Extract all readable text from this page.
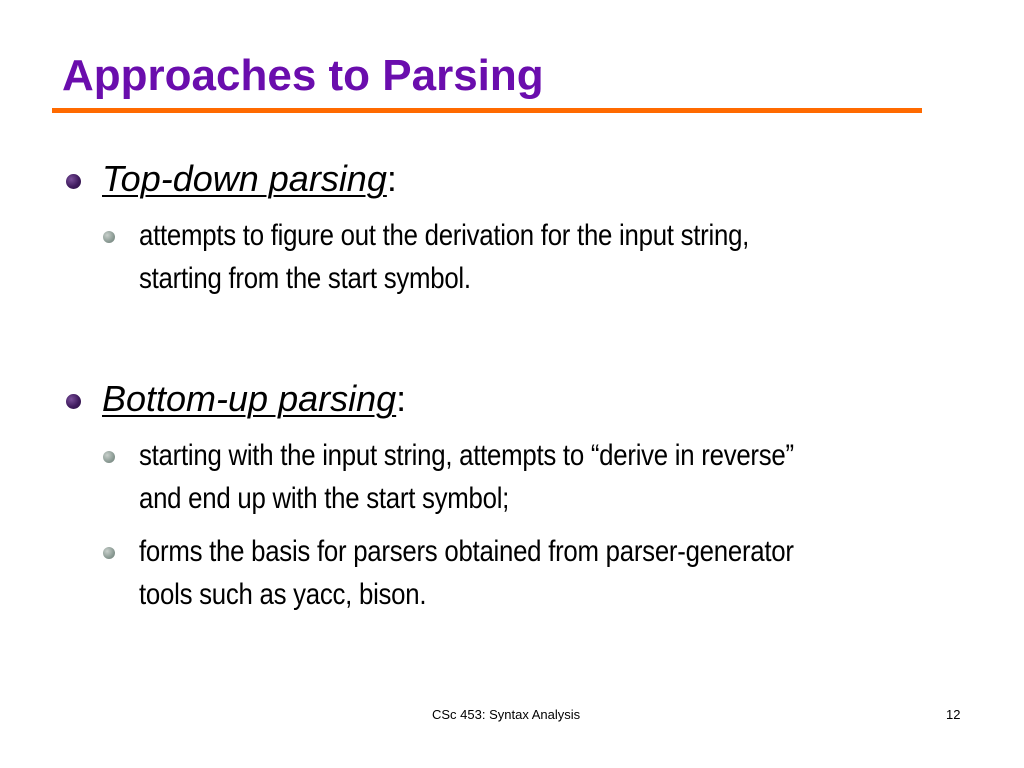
Approaches to Parsing
Top-down parsing:
attempts to figure out the derivation for the input string,
starting from the start symbol.
Bottom-up parsing:
starting with the input string, attempts to “derive in reverse”
and end up with the start symbol;
forms the basis for parsers obtained from parser-generator
tools such as yacc, bison.
CSc 453: Syntax Analysis	12
